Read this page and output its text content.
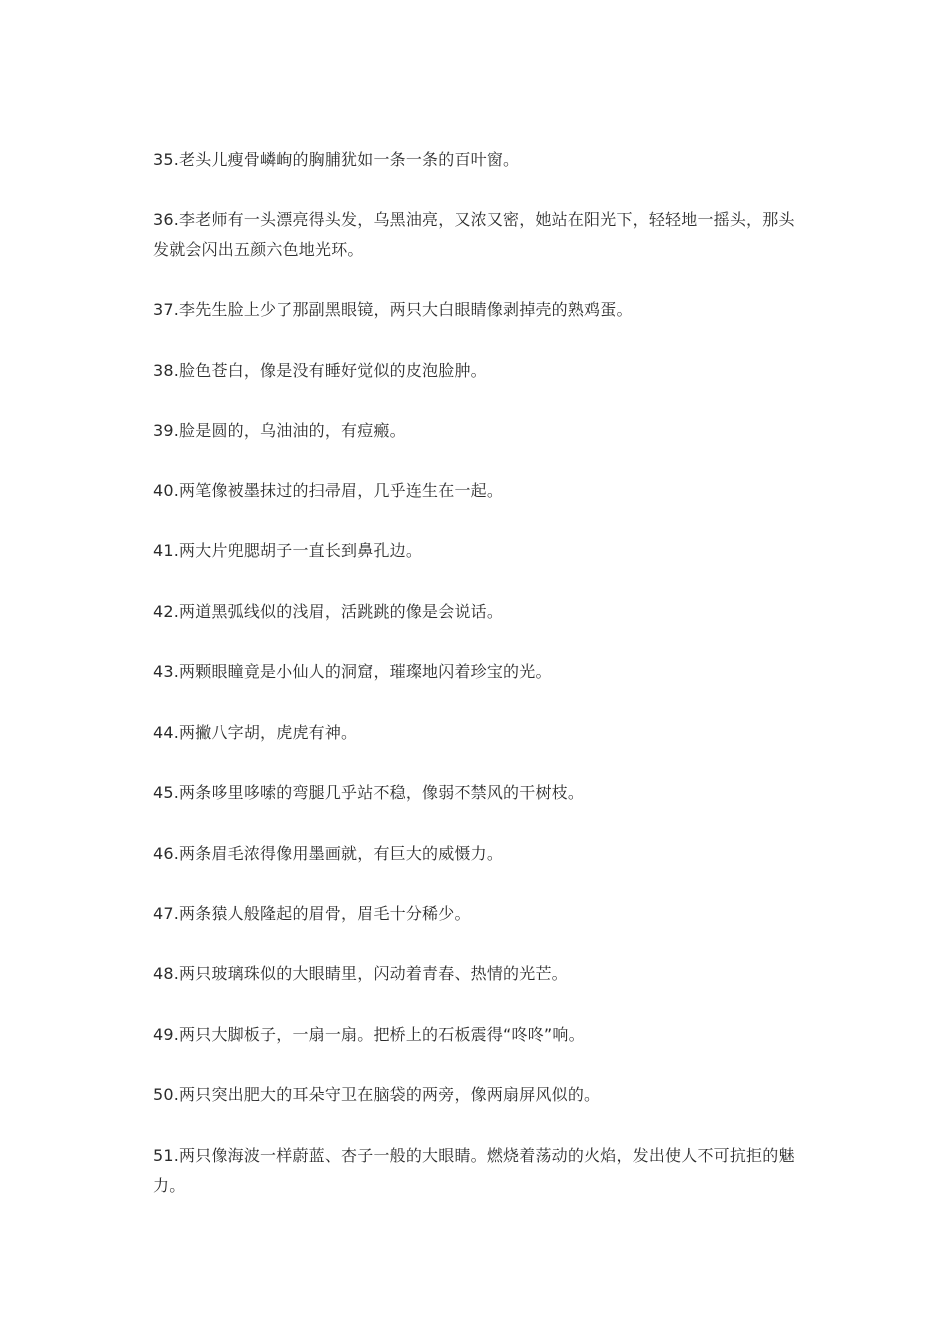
35.老头儿瘦骨嶙峋的胸脯犹如一条一条的百叶窗。

36.李老师有一头漂亮得头发，乌黑油亮，又浓又密，她站在阳光下，轻轻地一摇头，那头发就会闪出五颜六色地光环。

37.李先生脸上少了那副黑眼镜，两只大白眼睛像剥掉壳的熟鸡蛋。

38.脸色苍白，像是没有睡好觉似的皮泡脸肿。

39.脸是圆的，乌油油的，有痘瘢。

40.两笔像被墨抹过的扫帚眉，几乎连生在一起。

41.两大片兜腮胡子一直长到鼻孔边。

42.两道黑弧线似的浅眉，活跳跳的像是会说话。

43.两颗眼瞳竟是小仙人的洞窟，璀璨地闪着珍宝的光。

44.两撇八字胡，虎虎有神。

45.两条哆里哆嗦的弯腿几乎站不稳，像弱不禁风的干树枝。

46.两条眉毛浓得像用墨画就，有巨大的威慑力。

47.两条猿人般隆起的眉骨，眉毛十分稀少。

48.两只玻璃珠似的大眼睛里，闪动着青春、热情的光芒。

49.两只大脚板子，一扇一扇。把桥上的石板震得“咚咚”响。

50.两只突出肥大的耳朵守卫在脑袋的两旁，像两扇屏风似的。

51.两只像海波一样蔚蓝、杏子一般的大眼睛。燃烧着荡动的火焰，发出使人不可抗拒的魅力。
